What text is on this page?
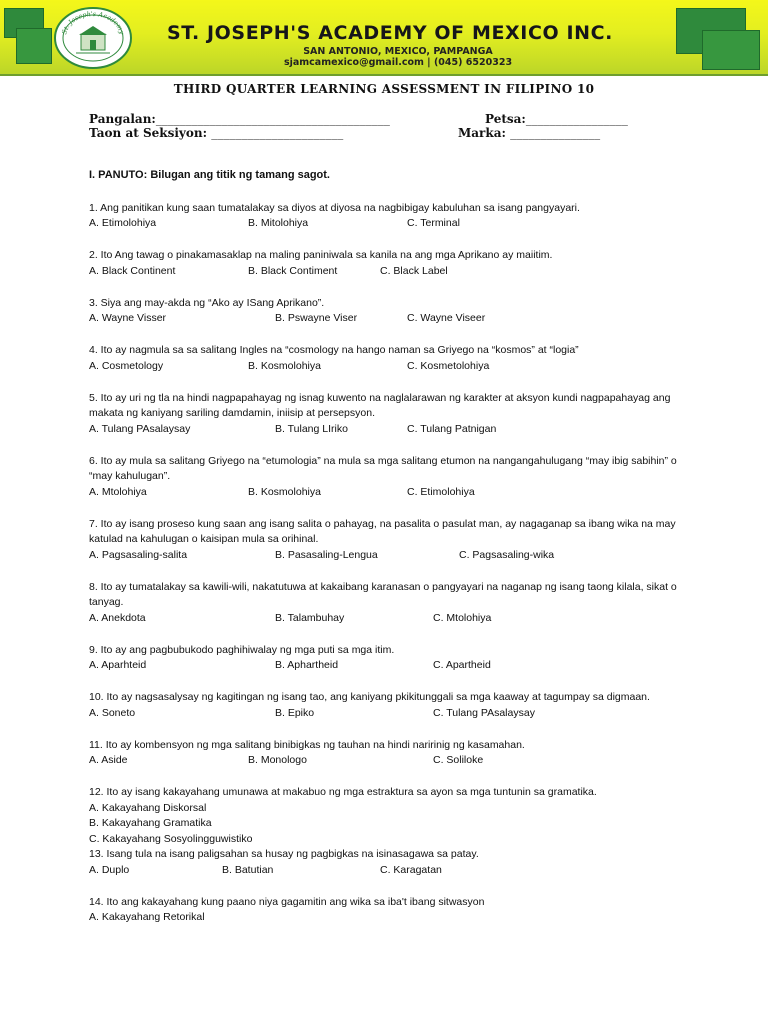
St. Joseph's Academy	ST. JOSEPH'S ACADEMY OF MEXICO INC.
SAN ANTONIO, MEXICO, PAMPANGA
sjamcamexico@gmail.com | (045) 6520323
THIRD QUARTER LEARNING ASSESSMENT IN FILIPINO 10
Pangalan:_______________________________________	Petsa:_________________
Taon at Seksiyon: ______________________	Marka: _______________
I. PANUTO: Bilugan ang titik ng tamang sagot.
1. Ang panitikan kung saan tumatalakay sa diyos at diyosa na nagbibigay kabuluhan sa isang pangyayari.
A. Etimolohiya	B. Mitolohiya	C. Terminal
2. Ito Ang tawag o pinakamasaklap na maling paniniwala sa kanila na ang mga Aprikano ay maiitim.
A. Black Continent	B. Black Contiment	C. Black Label
3. Siya ang may-akda ng “Ako ay ISang Aprikano”.
A. Wayne Visser	B. Pswayne Viser	C. Wayne Viseer
4. Ito ay nagmula sa sa salitang Ingles na “cosmology na hango naman sa Griyego na “kosmos” at “logia”
A. Cosmetology	B. Kosmolohiya	C. Kosmetolohiya
5. Ito ay uri ng tla na hindi nagpapahayag ng isnag kuwento na naglalarawan ng karakter at aksyon kundi nagpapahayag ang makata ng kaniyang sariling damdamin, iniisip at persepsyon.
A. Tulang PAsalaysay	B. Tulang LIriko	C. Tulang Patnigan
6. Ito ay mula sa salitang Griyego na “etumologia” na mula sa mga salitang etumon na nangangahulugang “may ibig sabihin” o “may kahulugan”.
A. Mtolohiya	B. Kosmolohiya	C. Etimolohiya
7. Ito ay isang proseso kung saan ang isang salita o pahayag, na pasalita o pasulat man, ay nagaganap sa ibang wika na may katulad na kahulugan o kaisipan mula sa orihinal.
A. Pagsasaling-salita	B. Pasasaling-Lengua	C. Pagsasaling-wika
8. Ito ay tumatalakay sa kawili-wili, nakatutuwa at kakaibang karanasan o pangyayari na naganap ng isang taong kilala, sikat o tanyag.
A. Anekdota	B. Talambuhay	C. Mtolohiya
9. Ito ay ang pagbubukodo paghihiwalay ng mga puti sa mga itim.
A. Aparhteid	B. Aphartheid	C. Apartheid
10. Ito ay nagsasalysay ng kagitingan ng isang tao, ang kaniyang pkikitunggali sa mga kaaway at tagumpay sa digmaan.
A. Soneto	B. Epiko	C. Tulang PAsalaysay
11. Ito ay kombensyon ng mga salitang binibigkas ng tauhan na hindi naririnig ng kasamahan.
A. Aside	B. Monologo	C. Soliloke
12. Ito ay isang kakayahang umunawa at makabuo ng mga estraktura sa ayon sa mga tuntunin sa gramatika.
A. Kakayahang Diskorsal
B. Kakayahang Gramatika
C. Kakayahang Sosyolingguwistiko
13. Isang tula na isang paligsahan sa husay ng pagbigkas na isinasagawa sa patay.
A. Duplo	B. Batutian	C. Karagatan
14. Ito ang kakayahang kung paano niya gagamitin ang wika sa iba't ibang sitwasyon
A. Kakayahang Retorikal
